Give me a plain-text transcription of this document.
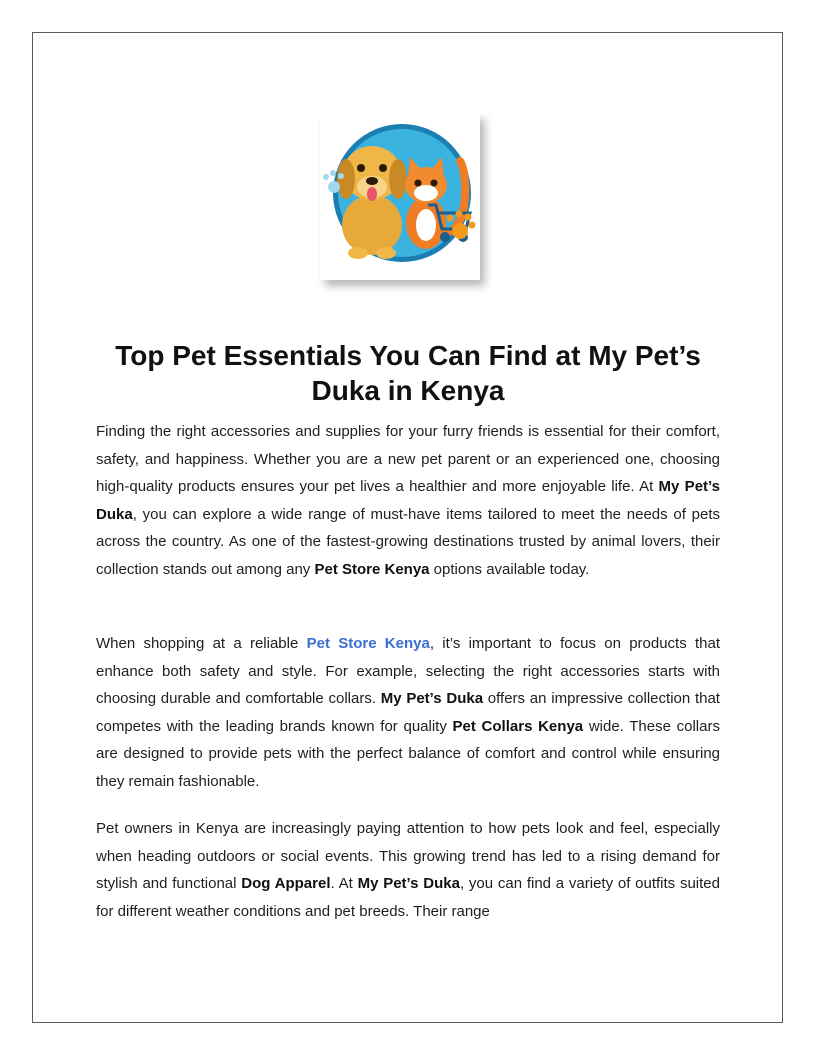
Top Pet Essentials You Can Find at My Pet’s Duka in Kenya

Finding the right accessories and supplies for your furry friends is essential for their comfort, safety, and happiness. Whether you are a new pet parent or an experienced one, choosing high-quality products ensures your pet lives a healthier and more enjoyable life. At My Pet’s Duka, you can explore a wide range of must-have items tailored to meet the needs of pets across the country. As one of the fastest-growing destinations trusted by animal lovers, their collection stands out among any Pet Store Kenya options available today.

When shopping at a reliable Pet Store Kenya, it’s important to focus on products that enhance both safety and style. For example, selecting the right accessories starts with choosing durable and comfortable collars. My Pet’s Duka offers an impressive collection that competes with the leading brands known for quality Pet Collars Kenya wide. These collars are designed to provide pets with the perfect balance of comfort and control while ensuring they remain fashionable.

Pet owners in Kenya are increasingly paying attention to how pets look and feel, especially when heading outdoors or social events. This growing trend has led to a rising demand for stylish and functional Dog Apparel. At My Pet’s Duka, you can find a variety of outfits suited for different weather conditions and pet breeds. Their range
